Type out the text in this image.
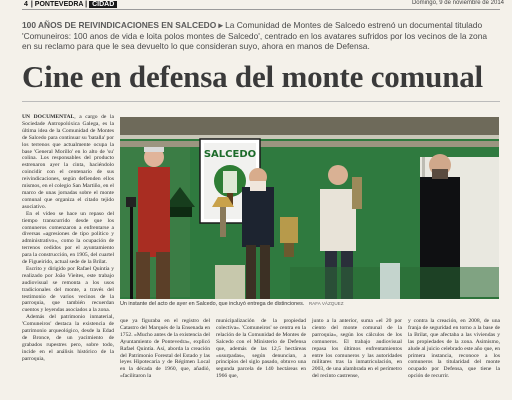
4 | PONTEVEDRA | CIDAD	Domingo, 9 de noviembre de 2014
100 AÑOS DE REIVINDICACIONES EN SALCEDO ▸ La Comunidad de Montes de Salcedo estrenó un documental titulado 'Comuneiros: 100 anos de vida e loita polos montes de Salcedo', centrado en los avatares sufridos por los vecinos de la zona en su reclamo para que le sea devuelto lo que consideran suyo, ahora en manos de Defensa.
Cine en defensa del monte comunal

UN DOCUMENTAL, a cargo de la Sociedade Antropolóxica Galega, es la última idea de la Comunidad de Montes de Salcedo para continuar su 'batalla' por los terrenos que actualmente ocupa la base 'General Morillo' en lo alto de 'su' colina. Los responsables del producto estrenaron ayer la cinta, haciéndolo coincidir con el centenario de sus reivindicaciones, según defienden ellos mismos, en el colegio San Martiño, en el marco de unas jornadas sobre el monte comunal que organiza el citado tejido asociativo.

En el vídeo se hace un repaso del tiempo transcurrido desde que los comuneros comenzaron a enfrentarse a diversas «agresiones de tipo político y administrativo», como la ocupación de terrenos cedidos por el ayuntamiento para la construcción, en 1905, del cuartel de Figueirido, actual sede de la Brilat.

Escrito y dirigido por Rafael Quintía y realizado por João Vieites, este trabajo audiovisual se remonta a los usos tradicionales del monte, a través del testimonio de varios vecinos de la parroquia, que también recuerdan cuentos y leyendas asociados a la zona.

Además del patrimonio inmaterial, 'Comuneiros' destaca la existencia de patrimonio arqueológico, desde la Edad de Bronce, de un yacimiento de grabados rupestres pero, sobre todo, incide en el análisis histórico de la parroquia,

SALCEDO
Un instante del acto de ayer en Salcedo, que incluyó entrega de distinciones. RAFA VÁZQUEZ
que ya figuraba en el registro del Catastro del Marqués de la Ensenada en 1752. «Mucho antes de la existencia del Ayuntamiento de Pontevedra», explicó Rafael Quintía. Así, aborda la creación del Patrimonio Forestal del Estado y las leyes Hipotecaria y de Régimen Local en la década de 1960, que, añadió, «facilitaron la
municipalización de la propiedad colectiva». 'Comuneiros' se centra en la relación de la Comunidad de Montes de Salcedo con el Ministerio de Defensa que, además de las 12,5 hectáreas «usurpadas», según denuncian, a principios del siglo pasado, obtuvo una segunda parcela de 140 hectáreas en 1966 que,
junto a la anterior, suma «el 20 por ciento del monte comunal de la parroquia», según los cálculos de los comuneros. El trabajo audiovisual repasa los últimos enfrentamientos entre los comuneros y las autoridades militares tras la inmatriculación, en 2003, de una alambrada en el perímetro del recinto castrense,
y contra la creación, en 2008, de una franja de seguridad en torno a la base de la Brilat, que afectaba a las viviendas y las propiedades de la zona. Asimismo, alude al juicio celebrado este año que, en primera instancia, reconoce a los comuneros la titularidad del monte ocupado por Defensa, que tiene la opción de recurrir.
